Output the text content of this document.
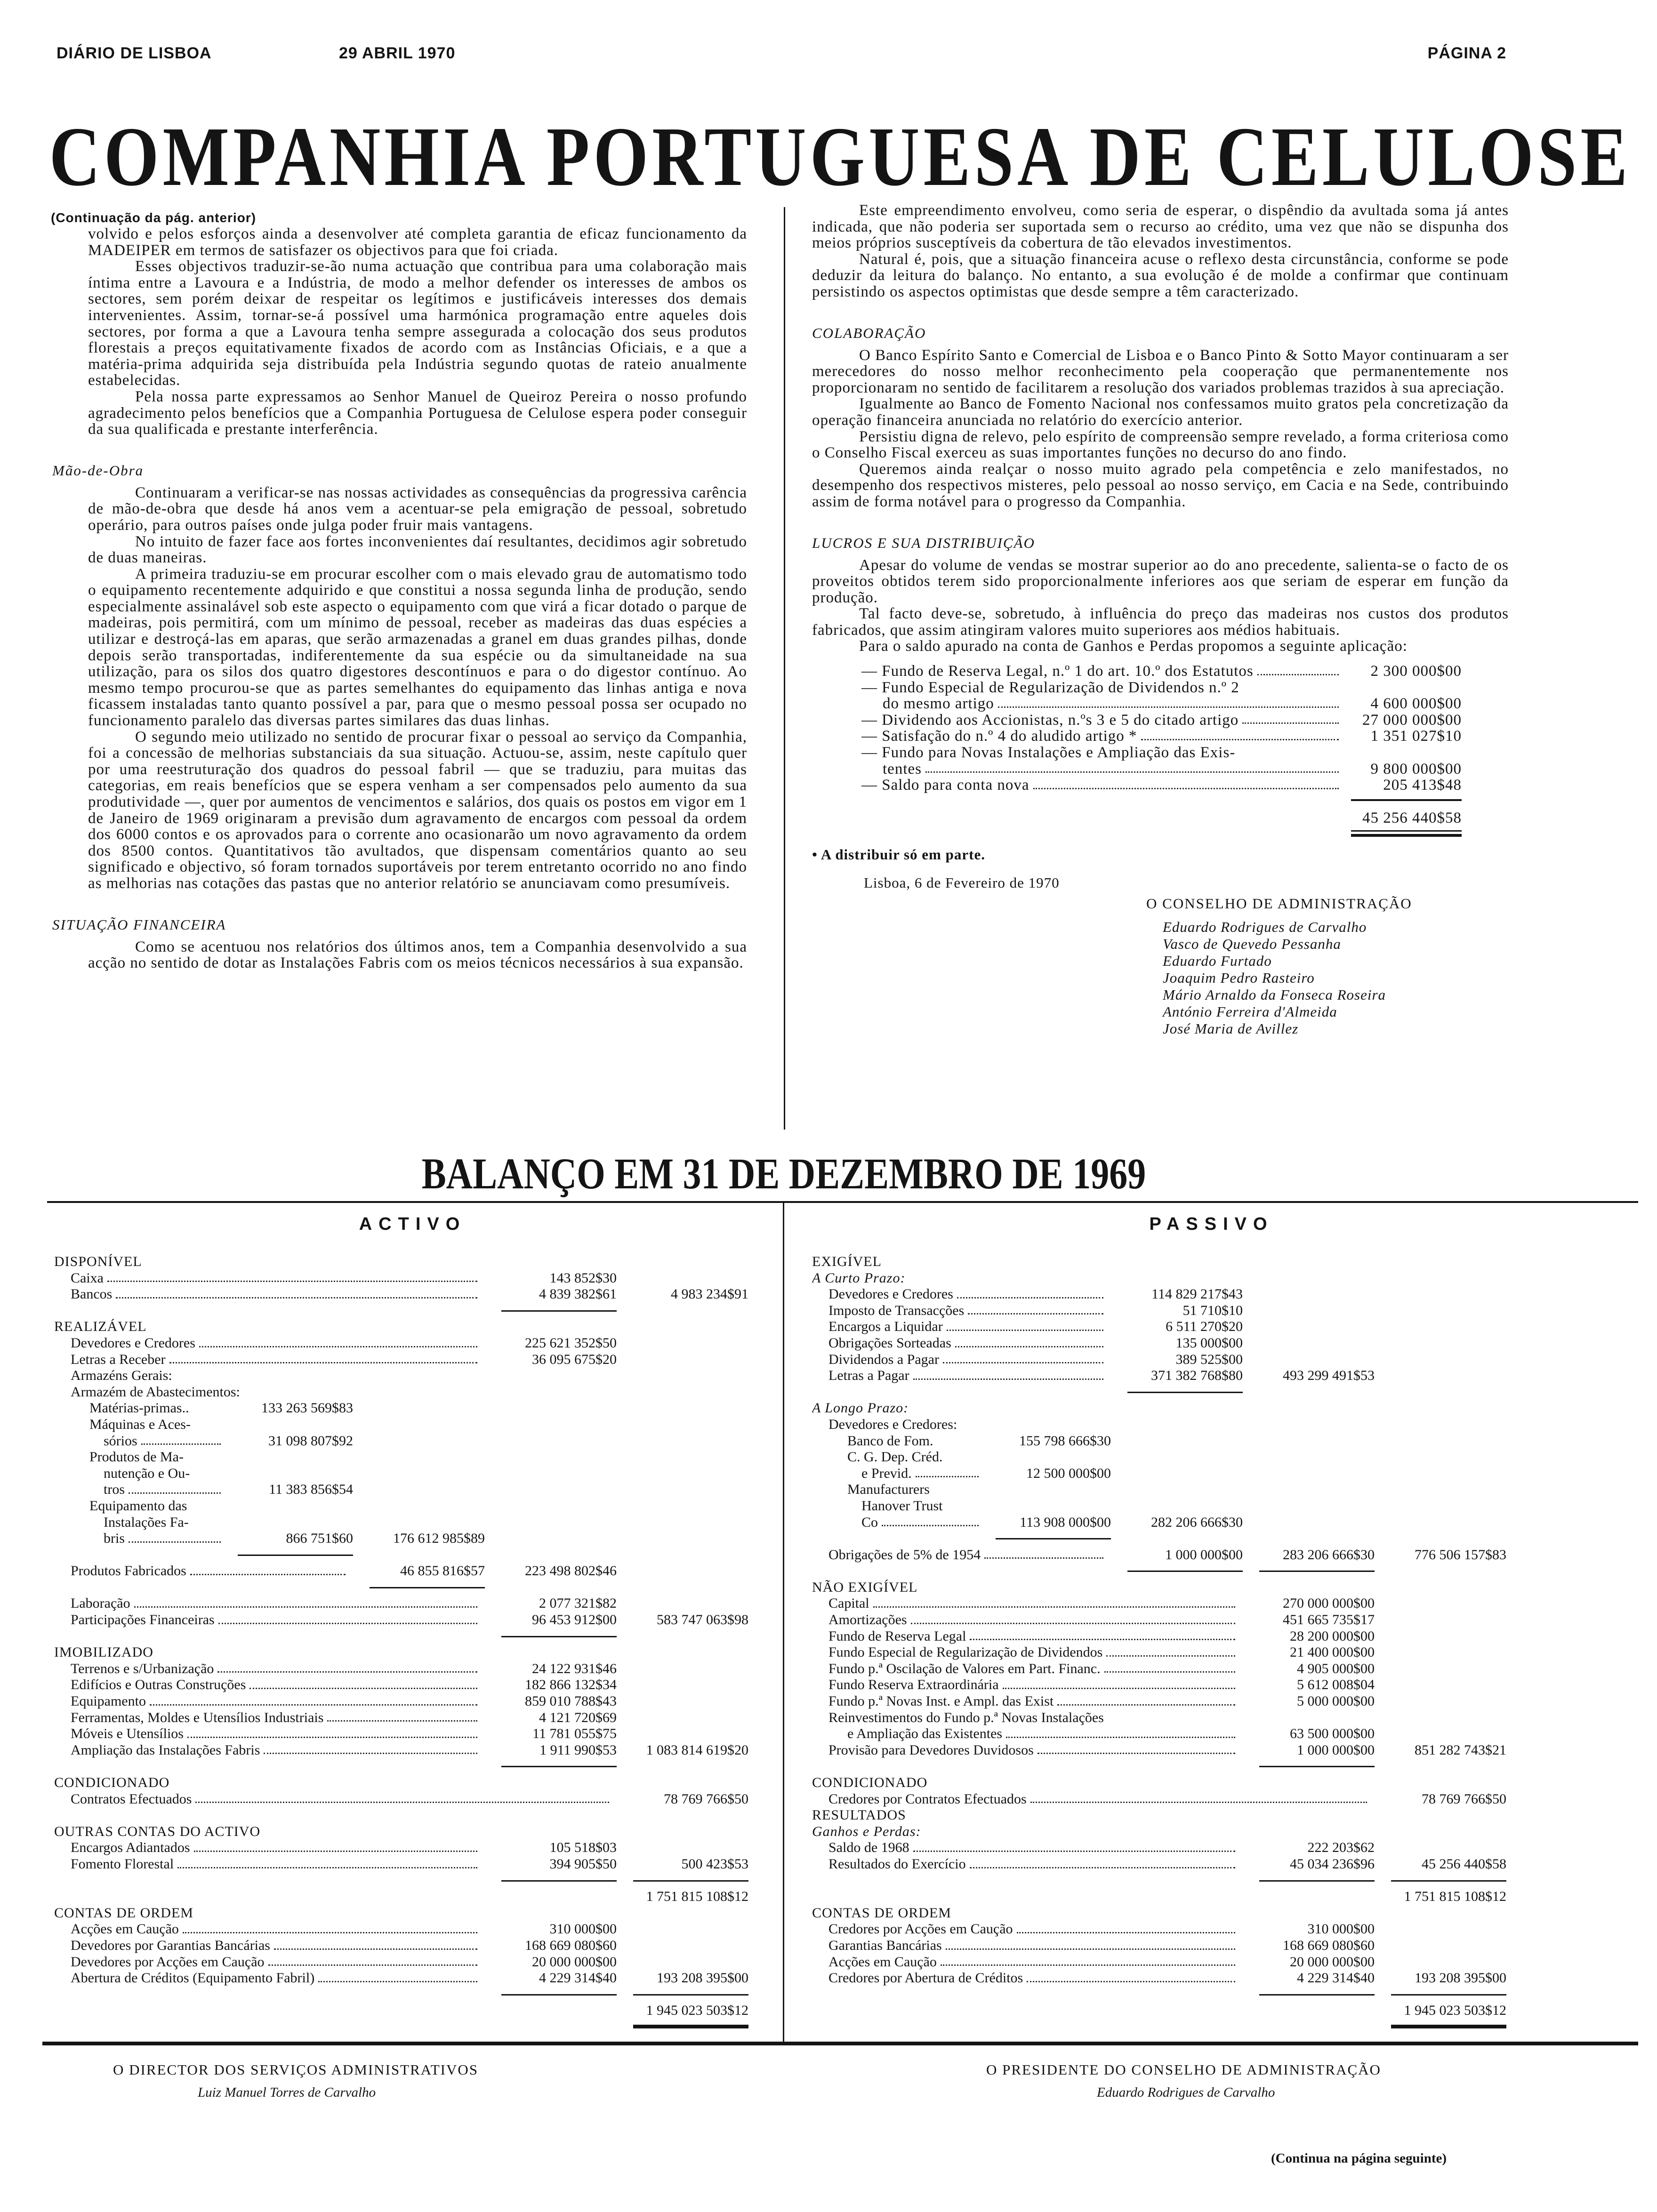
DIÁRIO DE LISBOA	29 ABRIL 1970	PÁGINA 2
COMPANHIA PORTUGUESA DE CELULOSE
(Continuação da pág. anterior)

volvido e pelos esforços ainda a desenvolver até completa garantia de eficaz funcionamento da MADEIPER em termos de satisfazer os objectivos para que foi criada.

Esses objectivos traduzir-se-ão numa actuação que contribua para uma colaboração mais íntima entre a Lavoura e a Indústria, de modo a melhor defender os interesses de ambos os sectores, sem porém deixar de respeitar os legítimos e justificáveis interesses dos demais intervenientes. Assim, tornar-se-á possível uma harmónica programação entre aqueles dois sectores, por forma a que a Lavoura tenha sempre assegurada a colocação dos seus produtos florestais a preços equitativamente fixados de acordo com as Instâncias Oficiais, e a que a matéria-prima adquirida seja distribuída pela Indústria segundo quotas de rateio anualmente estabelecidas.

Pela nossa parte expressamos ao Senhor Manuel de Queiroz Pereira o nosso profundo agradecimento pelos benefícios que a Companhia Portuguesa de Celulose espera poder conseguir da sua qualificada e prestante interferência.

Mão-de-Obra

Continuaram a verificar-se nas nossas actividades as consequências da progressiva carência de mão-de-obra que desde há anos vem a acentuar-se pela emigração de pessoal, sobretudo operário, para outros países onde julga poder fruir mais vantagens.

No intuito de fazer face aos fortes inconvenientes daí resultantes, decidimos agir sobretudo de duas maneiras.

A primeira traduziu-se em procurar escolher com o mais elevado grau de automatismo todo o equipamento recentemente adquirido e que constitui a nossa segunda linha de produção, sendo especialmente assinalável sob este aspecto o equipamento com que virá a ficar dotado o parque de madeiras, pois permitirá, com um mínimo de pessoal, receber as madeiras das duas espécies a utilizar e destroçá-las em aparas, que serão armazenadas a granel em duas grandes pilhas, donde depois serão transportadas, indiferentemente da sua espécie ou da simultaneidade na sua utilização, para os silos dos quatro digestores descontínuos e para o do digestor contínuo. Ao mesmo tempo procurou-se que as partes semelhantes do equipamento das linhas antiga e nova ficassem instaladas tanto quanto possível a par, para que o mesmo pessoal possa ser ocupado no funcionamento paralelo das diversas partes similares das duas linhas.

O segundo meio utilizado no sentido de procurar fixar o pessoal ao serviço da Companhia, foi a concessão de melhorias substanciais da sua situação. Actuou-se, assim, neste capítulo quer por uma reestruturação dos quadros do pessoal fabril — que se traduziu, para muitas das categorias, em reais benefícios que se espera venham a ser compensados pelo aumento da sua produtividade —, quer por aumentos de vencimentos e salários, dos quais os postos em vigor em 1 de Janeiro de 1969 originaram a previsão dum agravamento de encargos com pessoal da ordem dos 6000 contos e os aprovados para o corrente ano ocasionarão um novo agravamento da ordem dos 8500 contos. Quantitativos tão avultados, que dispensam comentários quanto ao seu significado e objectivo, só foram tornados suportáveis por terem entretanto ocorrido no ano findo as melhorias nas cotações das pastas que no anterior relatório se anunciavam como presumíveis.

SITUAÇÃO FINANCEIRA

Como se acentuou nos relatórios dos últimos anos, tem a Companhia desenvolvido a sua acção no sentido de dotar as Instalações Fabris com os meios técnicos necessários à sua expansão.

Este empreendimento envolveu, como seria de esperar, o dispêndio da avultada soma já antes indicada, que não poderia ser suportada sem o recurso ao crédito, uma vez que não se dispunha dos meios próprios susceptíveis da cobertura de tão elevados investimentos.

Natural é, pois, que a situação financeira acuse o reflexo desta circunstância, conforme se pode deduzir da leitura do balanço. No entanto, a sua evolução é de molde a confirmar que continuam persistindo os aspectos optimistas que desde sempre a têm caracterizado.

COLABORAÇÃO

O Banco Espírito Santo e Comercial de Lisboa e o Banco Pinto & Sotto Mayor continuaram a ser merecedores do nosso melhor reconhecimento pela cooperação que permanentemente nos proporcionaram no sentido de facilitarem a resolução dos variados problemas trazidos à sua apreciação.

Igualmente ao Banco de Fomento Nacional nos confessamos muito gratos pela concretização da operação financeira anunciada no relatório do exercício anterior.

Persistiu digna de relevo, pelo espírito de compreensão sempre revelado, a forma criteriosa como o Conselho Fiscal exerceu as suas importantes funções no decurso do ano findo.

Queremos ainda realçar o nosso muito agrado pela competência e zelo manifestados, no desempenho dos respectivos misteres, pelo pessoal ao nosso serviço, em Cacia e na Sede, contribuindo assim de forma notável para o progresso da Companhia.

LUCROS E SUA DISTRIBUIÇÃO

Apesar do volume de vendas se mostrar superior ao do ano precedente, salienta-se o facto de os proveitos obtidos terem sido proporcionalmente inferiores aos que seriam de esperar em função da produção.

Tal facto deve-se, sobretudo, à influência do preço das madeiras nos custos dos produtos fabricados, que assim atingiram valores muito superiores aos médios habituais.

Para o saldo apurado na conta de Ganhos e Perdas propomos a seguinte aplicação:

— Fundo de Reserva Legal, n.º 1 do art. 10.º dos Estatutos	2 300 000$00
— Fundo Especial de Regularização de Dividendos n.º 2
do mesmo artigo	4 600 000$00
— Dividendo aos Accionistas, n.ºs 3 e 5 do citado artigo	27 000 000$00
— Satisfação do n.º 4 do aludido artigo *	1 351 027$10
— Fundo para Novas Instalações e Ampliação das Exis-
tentes	9 800 000$00
— Saldo para conta nova	205 413$48
45 256 440$58
• A distribuir só em parte.
Lisboa, 6 de Fevereiro de 1970
O CONSELHO DE ADMINISTRAÇÃO
Eduardo Rodrigues de Carvalho
Vasco de Quevedo Pessanha
Eduardo Furtado
Joaquim Pedro Rasteiro
Mário Arnaldo da Fonseca Roseira
António Ferreira d'Almeida
José Maria de Avillez
BALANÇO EM 31 DE DEZEMBRO DE 1969
ACTIVO	PASSIVO
DISPONÍVEL
Caixa	143 852$30
Bancos	4 839 382$61	4 983 234$91
REALIZÁVEL
Devedores e Credores	225 621 352$50
Letras a Receber	36 095 675$20
Armazéns Gerais:
Armazém de Abastecimentos:
Matérias-primas..	133 263 569$83
Máquinas e Aces-
sórios	31 098 807$92
Produtos de Ma-
nutenção e Ou-
tros	11 383 856$54
Equipamento das
Instalações Fa-
bris	866 751$60	176 612 985$89
Produtos Fabricados	46 855 816$57	223 498 802$46
Laboração	2 077 321$82
Participações Financeiras	96 453 912$00	583 747 063$98
IMOBILIZADO
Terrenos e s/Urbanização	24 122 931$46
Edifícios e Outras Construções	182 866 132$34
Equipamento	859 010 788$43
Ferramentas, Moldes e Utensílios Industriais	4 121 720$69
Móveis e Utensílios	11 781 055$75
Ampliação das Instalações Fabris	1 911 990$53	1 083 814 619$20
CONDICIONADO
Contratos Efectuados	78 769 766$50
OUTRAS CONTAS DO ACTIVO
Encargos Adiantados	105 518$03
Fomento Florestal	394 905$50	500 423$53
1 751 815 108$12
CONTAS DE ORDEM
Acções em Caução	310 000$00
Devedores por Garantias Bancárias	168 669 080$60
Devedores por Acções em Caução	20 000 000$00
Abertura de Créditos (Equipamento Fabril)	4 229 314$40	193 208 395$00
1 945 023 503$12
EXIGÍVEL
A Curto Prazo:
Devedores e Credores	114 829 217$43
Imposto de Transacções	51 710$10
Encargos a Liquidar	6 511 270$20
Obrigações Sorteadas	135 000$00
Dividendos a Pagar	389 525$00
Letras a Pagar	371 382 768$80	493 299 491$53
A Longo Prazo:
Devedores e Credores:
Banco de Fom.	155 798 666$30
C. G. Dep. Créd.
e Previd.	12 500 000$00
Manufacturers
Hanover Trust
Co	113 908 000$00	282 206 666$30
Obrigações de 5% de 1954	1 000 000$00	283 206 666$30	776 506 157$83
NÃO EXIGÍVEL
Capital	270 000 000$00
Amortizações	451 665 735$17
Fundo de Reserva Legal	28 200 000$00
Fundo Especial de Regularização de Dividendos	21 400 000$00
Fundo p.ª Oscilação de Valores em Part. Financ.	4 905 000$00
Fundo Reserva Extraordinária	5 612 008$04
Fundo p.ª Novas Inst. e Ampl. das Exist	5 000 000$00
Reinvestimentos do Fundo p.ª Novas Instalações
e Ampliação das Existentes	63 500 000$00
Provisão para Devedores Duvidosos	1 000 000$00	851 282 743$21
CONDICIONADO
Credores por Contratos Efectuados	78 769 766$50
RESULTADOS
Ganhos e Perdas:
Saldo de 1968	222 203$62
Resultados do Exercício	45 034 236$96	45 256 440$58
1 751 815 108$12
CONTAS DE ORDEM
Credores por Acções em Caução	310 000$00
Garantias Bancárias	168 669 080$60
Acções em Caução	20 000 000$00
Credores por Abertura de Créditos	4 229 314$40	193 208 395$00
1 945 023 503$12
O DIRECTOR DOS SERVIÇOS ADMINISTRATIVOS
Luiz Manuel Torres de Carvalho
O PRESIDENTE DO CONSELHO DE ADMINISTRAÇÃO
Eduardo Rodrigues de Carvalho
(Continua na página seguinte)
